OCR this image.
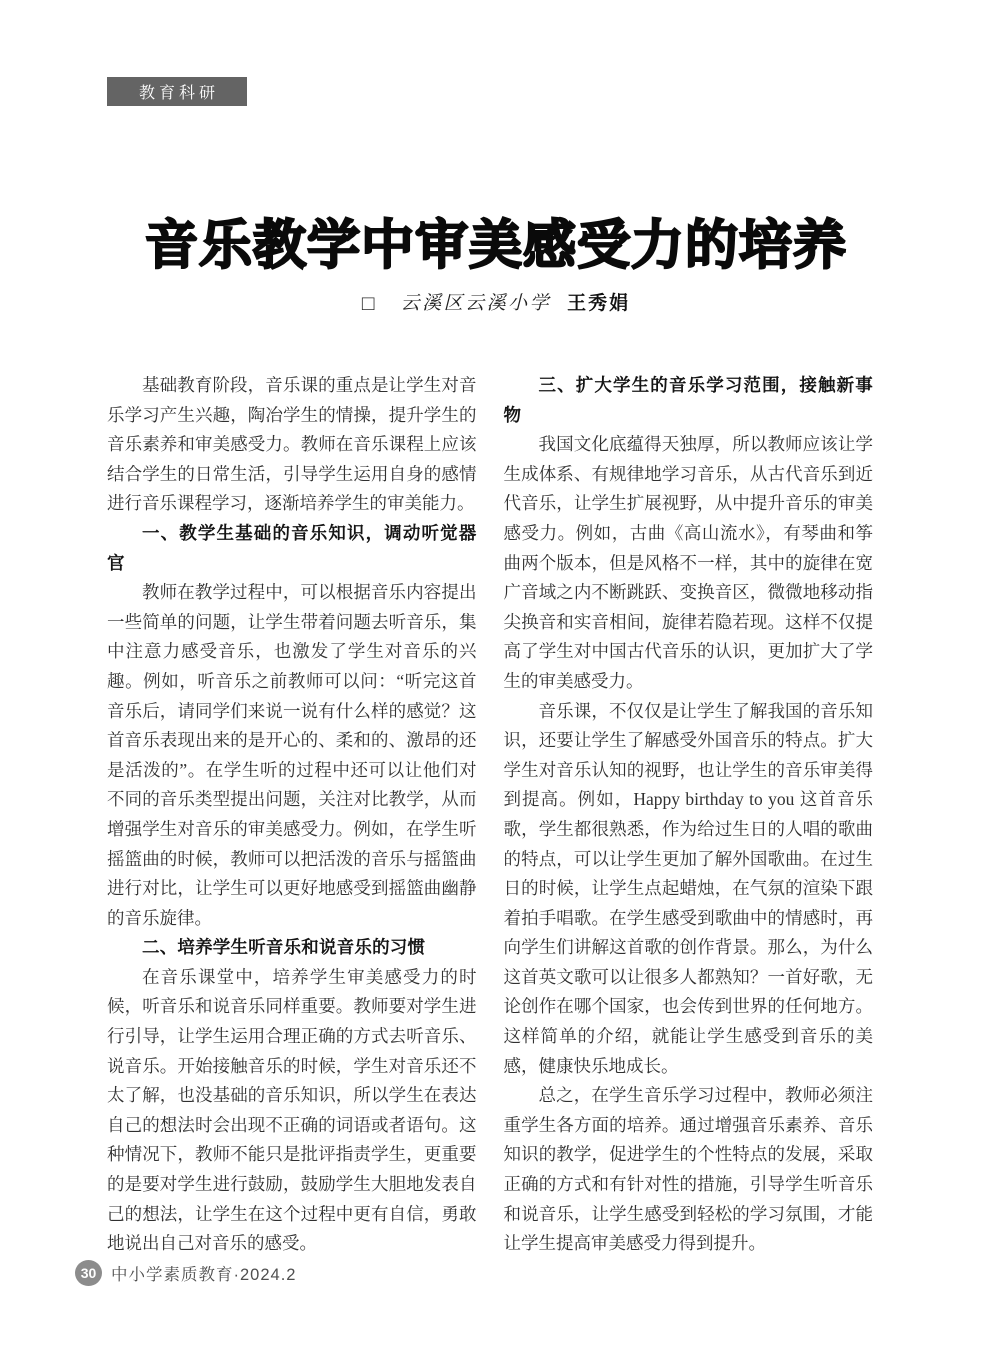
教育科研
音乐教学中审美感受力的培养
□ 云溪区云溪小学 王秀娟

基础教育阶段，音乐课的重点是让学生对音乐学习产生兴趣，陶冶学生的情操，提升学生的音乐素养和审美感受力。教师在音乐课程上应该结合学生的日常生活，引导学生运用自身的感情进行音乐课程学习，逐渐培养学生的审美能力。

一、教学生基础的音乐知识，调动听觉器官

教师在教学过程中，可以根据音乐内容提出一些简单的问题，让学生带着问题去听音乐，集中注意力感受音乐，也激发了学生对音乐的兴趣。例如，听音乐之前教师可以问：“听完这首音乐后，请同学们来说一说有什么样的感觉？这首音乐表现出来的是开心的、柔和的、激昂的还是活泼的”。在学生听的过程中还可以让他们对不同的音乐类型提出问题，关注对比教学，从而增强学生对音乐的审美感受力。例如，在学生听摇篮曲的时候，教师可以把活泼的音乐与摇篮曲进行对比，让学生可以更好地感受到摇篮曲幽静的音乐旋律。

二、培养学生听音乐和说音乐的习惯

在音乐课堂中，培养学生审美感受力的时候，听音乐和说音乐同样重要。教师要对学生进行引导，让学生运用合理正确的方式去听音乐、说音乐。开始接触音乐的时候，学生对音乐还不太了解，也没基础的音乐知识，所以学生在表达自己的想法时会出现不正确的词语或者语句。这种情况下，教师不能只是批评指责学生，更重要的是要对学生进行鼓励，鼓励学生大胆地发表自己的想法，让学生在这个过程中更有自信，勇敢地说出自己对音乐的感受。

三、扩大学生的音乐学习范围，接触新事物

我国文化底蕴得天独厚，所以教师应该让学生成体系、有规律地学习音乐，从古代音乐到近代音乐，让学生扩展视野，从中提升音乐的审美感受力。例如，古曲《高山流水》，有琴曲和筝曲两个版本，但是风格不一样，其中的旋律在宽广音域之内不断跳跃、变换音区，微微地移动指尖换音和实音相间，旋律若隐若现。这样不仅提高了学生对中国古代音乐的认识，更加扩大了学生的审美感受力。

音乐课，不仅仅是让学生了解我国的音乐知识，还要让学生了解感受外国音乐的特点。扩大学生对音乐认知的视野，也让学生的音乐审美得到提高。例如，Happy birthday to you 这首音乐歌，学生都很熟悉，作为给过生日的人唱的歌曲的特点，可以让学生更加了解外国歌曲。在过生日的时候，让学生点起蜡烛，在气氛的渲染下跟着拍手唱歌。在学生感受到歌曲中的情感时，再向学生们讲解这首歌的创作背景。那么，为什么这首英文歌可以让很多人都熟知？一首好歌，无论创作在哪个国家，也会传到世界的任何地方。这样简单的介绍，就能让学生感受到音乐的美感，健康快乐地成长。

总之，在学生音乐学习过程中，教师必须注重学生各方面的培养。通过增强音乐素养、音乐知识的教学，促进学生的个性特点的发展，采取正确的方式和有针对性的措施，引导学生听音乐和说音乐，让学生感受到轻松的学习氛围，才能让学生提高审美感受力得到提升。

30 中小学素质教育·2024.2
